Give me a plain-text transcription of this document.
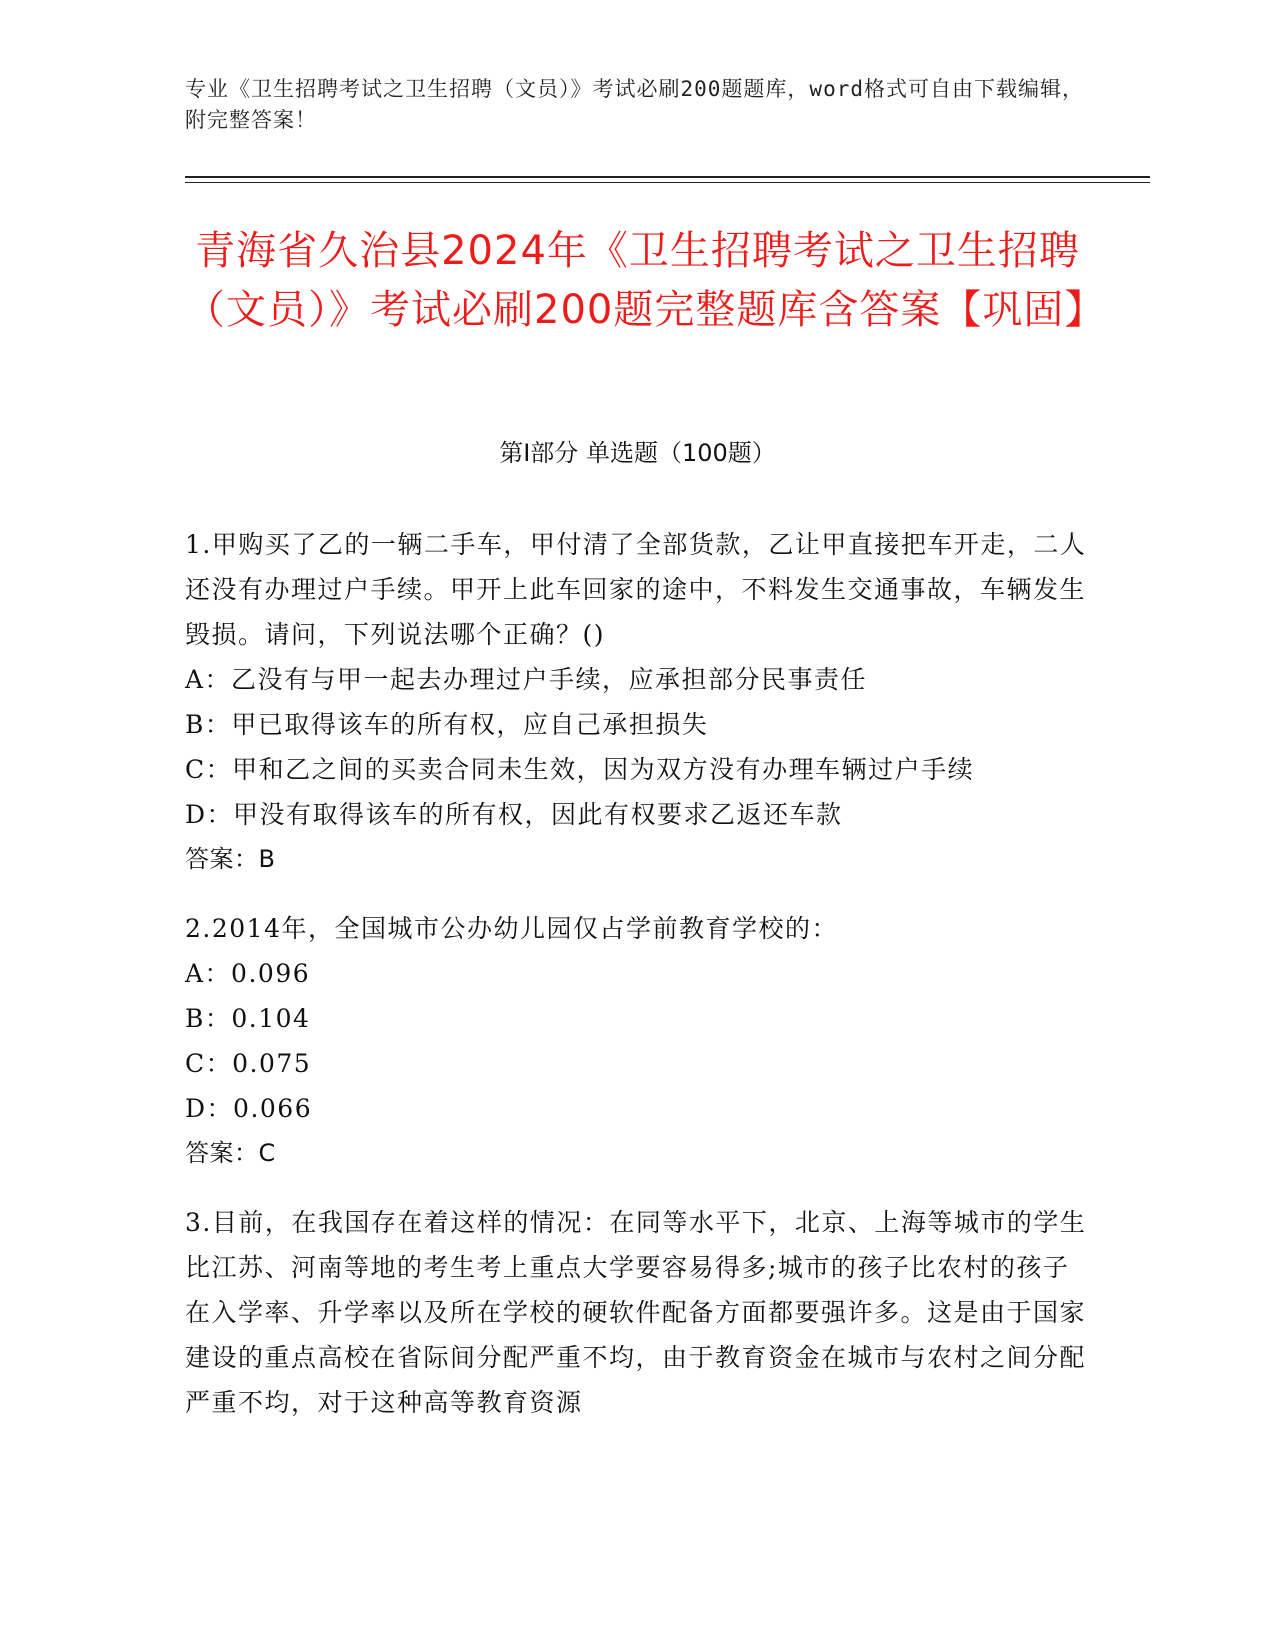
专业《卫生招聘考试之卫生招聘（文员）》考试必刷200题题库，word格式可自由下载编辑，附完整答案！
青海省久治县2024年《卫生招聘考试之卫生招聘（文员）》考试必刷200题完整题库含答案【巩固】
第Ⅰ部分 单选题（100题）

1.甲购买了乙的一辆二手车，甲付清了全部货款，乙让甲直接把车开走，二人还没有办理过户手续。甲开上此车回家的途中，不料发生交通事故，车辆发生毁损。请问，下列说法哪个正确？()

A：乙没有与甲一起去办理过户手续，应承担部分民事责任

B：甲已取得该车的所有权，应自己承担损失

C：甲和乙之间的买卖合同未生效，因为双方没有办理车辆过户手续

D：甲没有取得该车的所有权，因此有权要求乙返还车款

答案：B

2.2014年，全国城市公办幼儿园仅占学前教育学校的：

A：0.096

B：0.104

C：0.075

D：0.066

答案：C

3.目前，在我国存在着这样的情况：在同等水平下，北京、上海等城市的学生比江苏、河南等地的考生考上重点大学要容易得多;城市的孩子比农村的孩子在入学率、升学率以及所在学校的硬软件配备方面都要强许多。这是由于国家建设的重点高校在省际间分配严重不均，由于教育资金在城市与农村之间分配严重不均，对于这种高等教育资源
